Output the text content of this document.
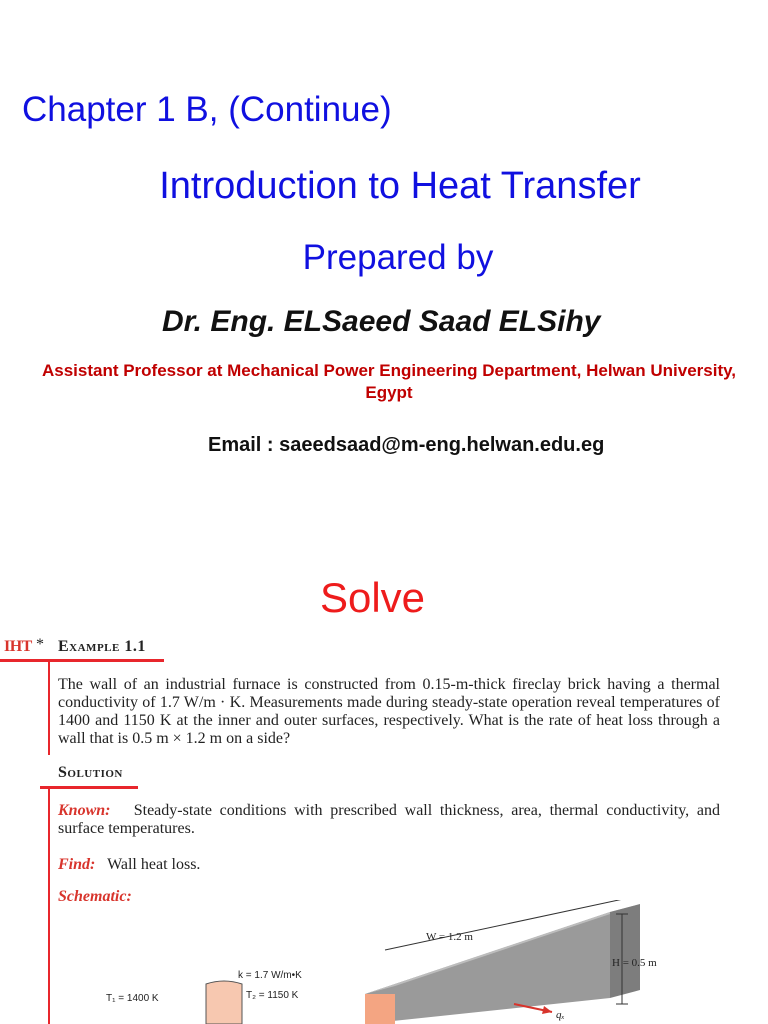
Chapter 1 B, (Continue)
Introduction to Heat Transfer
Prepared by
Dr. Eng. ELSaeed Saad ELSihy
Assistant Professor at Mechanical Power Engineering Department, Helwan University, Egypt
Email : saeedsaad@m-eng.helwan.edu.eg
Solve
IHT * Example 1.1
The wall of an industrial furnace is constructed from 0.15-m-thick fireclay brick having a thermal conductivity of 1.7 W/m · K. Measurements made during steady-state operation reveal temperatures of 1400 and 1150 K at the inner and outer surfaces, respectively. What is the rate of heat loss through a wall that is 0.5 m × 1.2 m on a side?
Solution
Known: Steady-state conditions with prescribed wall thickness, area, thermal conductivity, and surface temperatures.
Find: Wall heat loss.
Schematic:
W = 1.2 m
H = 0.5 m
k = 1.7 W/m•K
T₁ = 1400 K	T₂ = 1150 K
qₓ
